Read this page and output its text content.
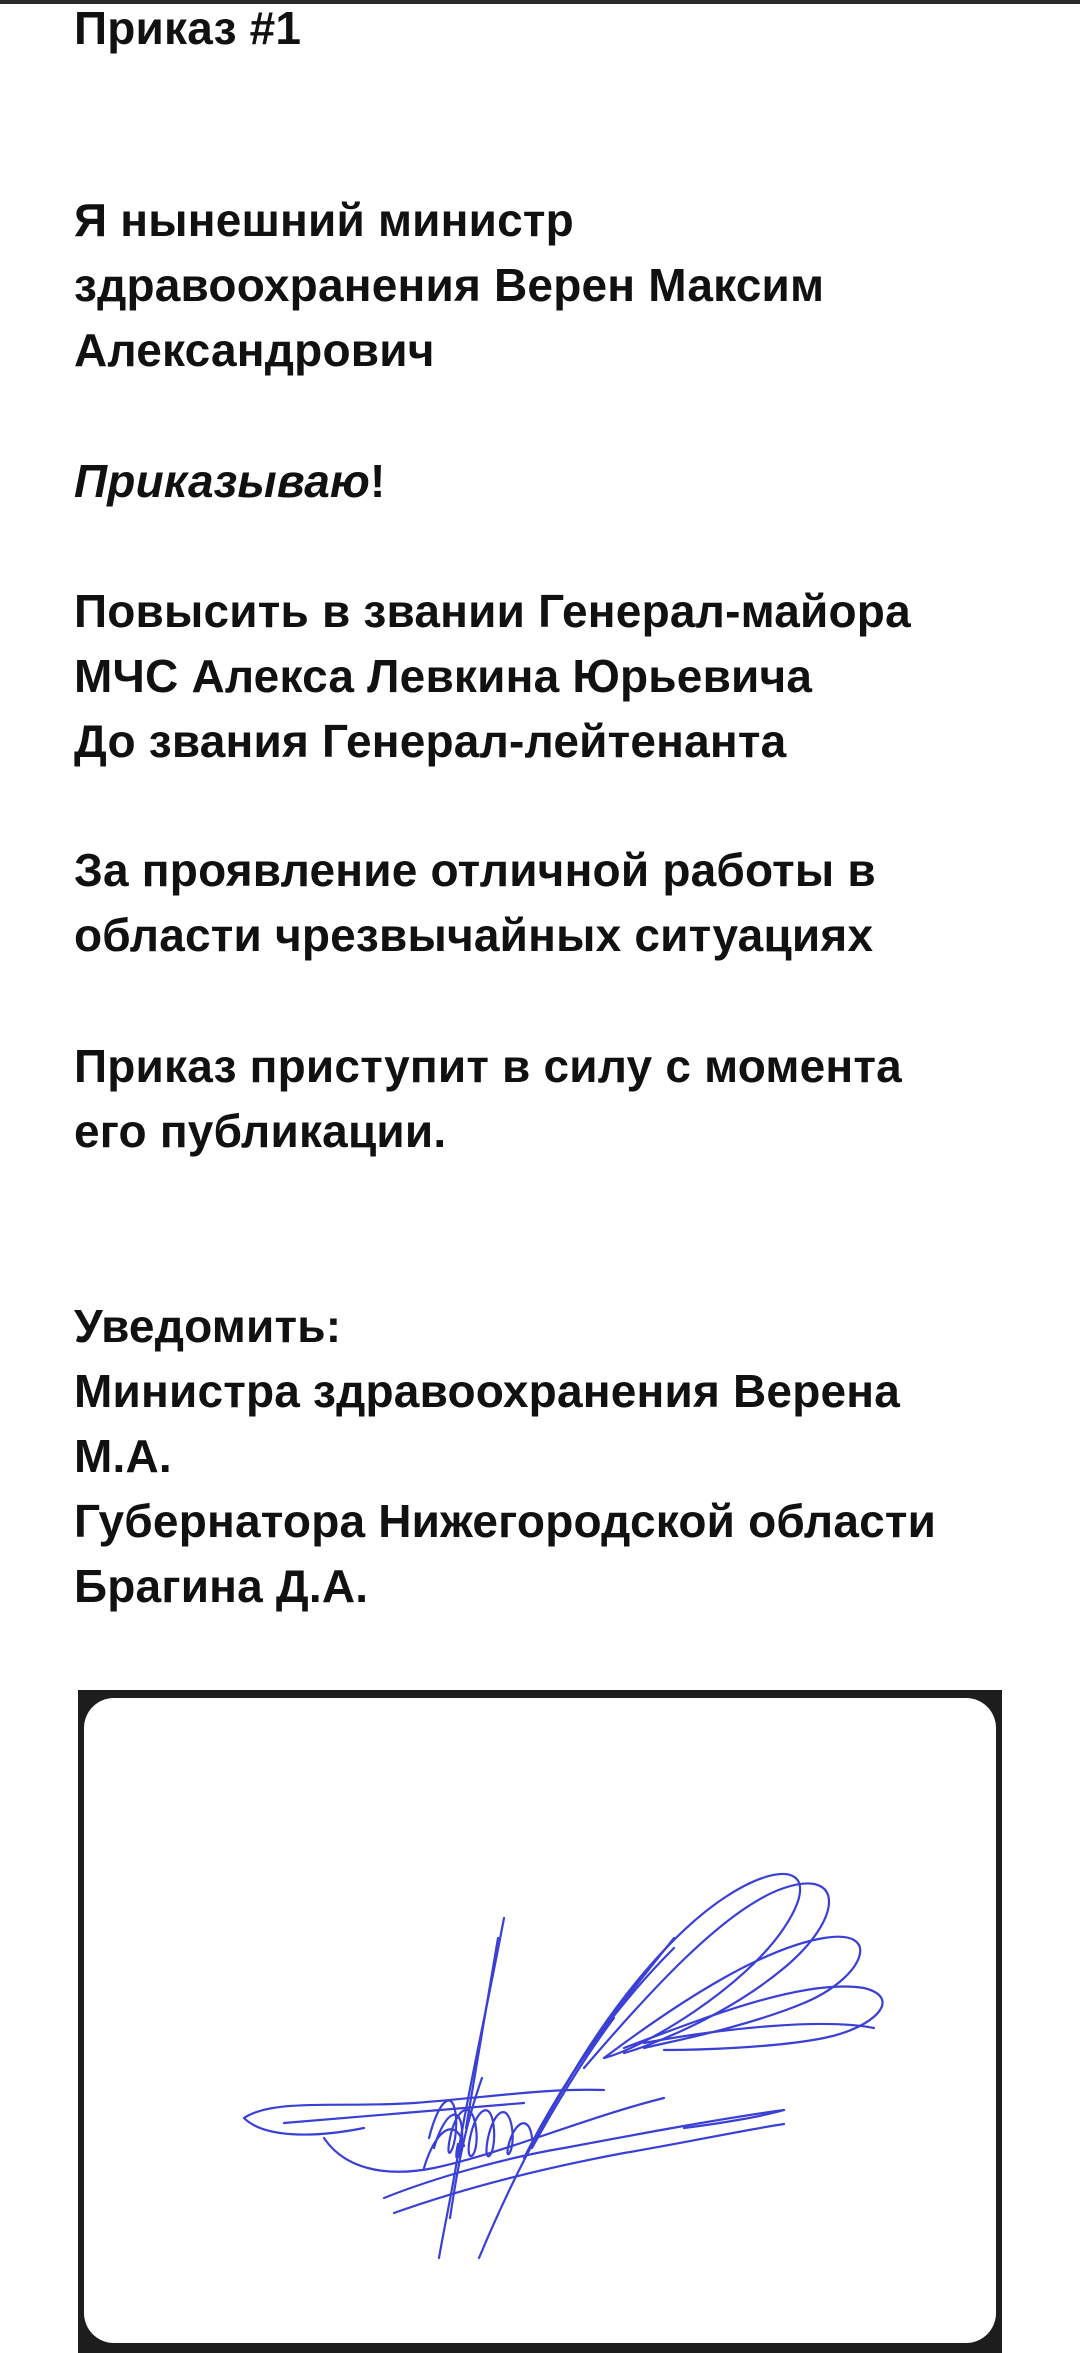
Приказ #1

Я нынешний министр

здравоохранения Верен Максим

Александрович

Приказываю!

Повысить в звании Генерал-майора

МЧС Алекса Левкина Юрьевича

До звания Генерал-лейтенанта

За проявление отличной работы в

области чрезвычайных ситуациях

Приказ приступит в силу с момента

его публикации.

Уведомить:

Министра здравоохранения Верена

М.А.

Губернатора Нижегородской области

Брагина Д.А.
